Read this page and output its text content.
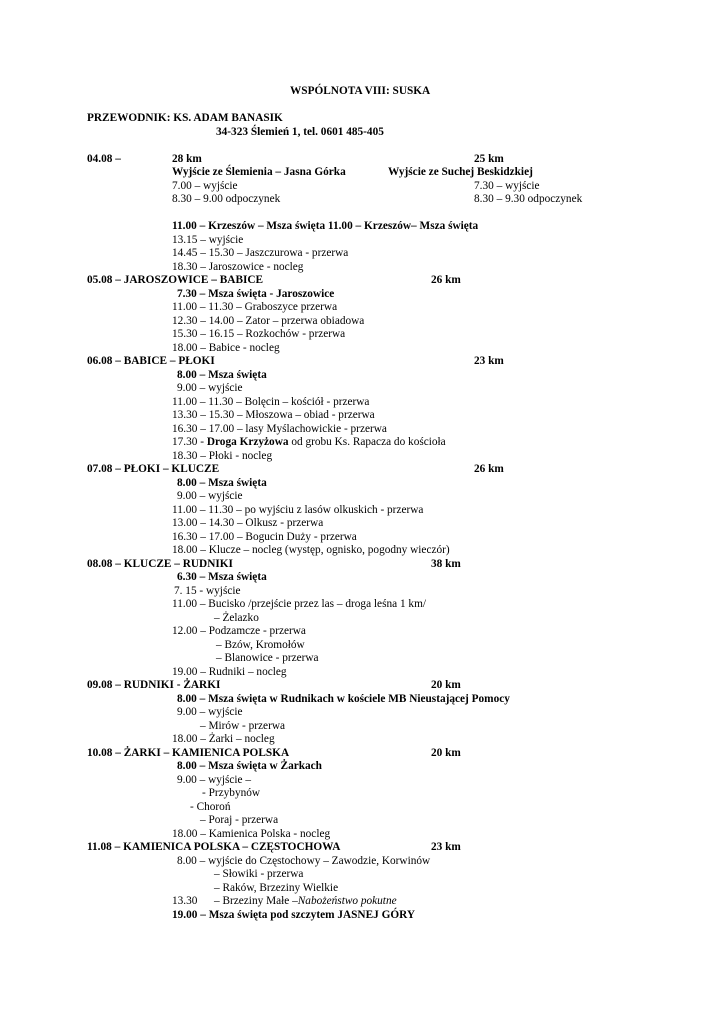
WSPÓLNOTA VIII: SUSKA
PRZEWODNIK: KS. ADAM BANASIK
34-323 Ślemień 1, tel. 0601 485-405
04.08 –	28 km	25 km
Wyjście ze Ślemienia – Jasna Górka	Wyjście ze Suchej Beskidzkiej
7.00 – wyjście	7.30 – wyjście
8.30 – 9.00 odpoczynek	8.30 – 9.30 odpoczynek
11.00 – Krzeszów – Msza święta 11.00 – Krzeszów– Msza święta
13.15 – wyjście
14.45 – 15.30 – Jaszczurowa - przerwa
18.30 – Jaroszowice - nocleg
05.08 – JAROSZOWICE – BABICE	26 km
7.30 – Msza święta - Jaroszowice
11.00 – 11.30 – Graboszyce przerwa
12.30 – 14.00 – Zator – przerwa obiadowa
15.30 – 16.15 – Rozkochów - przerwa
18.00 – Babice - nocleg
06.08 – BABICE – PŁOKI	23 km
8.00 – Msza święta
9.00 – wyjście
11.00 – 11.30 – Bolęcin – kościół - przerwa
13.30 – 15.30 – Młoszowa – obiad - przerwa
16.30 – 17.00 – lasy Myślachowickie - przerwa
17.30 - Droga Krzyżowa od grobu Ks. Rapacza do kościoła
18.30 – Płoki - nocleg
07.08 – PŁOKI – KLUCZE	26 km
8.00 – Msza święta
9.00 – wyjście
11.00 – 11.30 – po wyjściu z lasów olkuskich - przerwa
13.00 – 14.30 – Olkusz - przerwa
16.30 – 17.00 – Bogucin Duży - przerwa
18.00 – Klucze – nocleg (występ, ognisko, pogodny wieczór)
08.08 – KLUCZE – RUDNIKI	38 km
6.30 – Msza święta
7. 15 - wyjście
11.00 – Bucisko /przejście przez las – droga leśna 1 km/
– Żelazko
12.00 – Podzamcze - przerwa
– Bzów, Kromołów
– Blanowice - przerwa
19.00 – Rudniki – nocleg
09.08 – RUDNIKI - ŻARKI	20 km
8.00 – Msza święta w Rudnikach w kościele MB Nieustającej Pomocy
9.00 – wyjście
– Mirów - przerwa
18.00 – Żarki – nocleg
10.08 – ŻARKI – KAMIENICA POLSKA	20 km
8.00 – Msza święta w Żarkach
9.00 – wyjście –
- Przybynów
- Choroń
– Poraj - przerwa
18.00 – Kamienica Polska - nocleg
11.08 – KAMIENICA POLSKA – CZĘSTOCHOWA	23 km
8.00 – wyjście do Częstochowy – Zawodzie, Korwinów
– Słowiki - przerwa
– Raków, Brzeziny Wielkie
13.30 – Brzeziny Małe –Nabożeństwo pokutne
19.00 – Msza święta pod szczytem JASNEJ GÓRY
